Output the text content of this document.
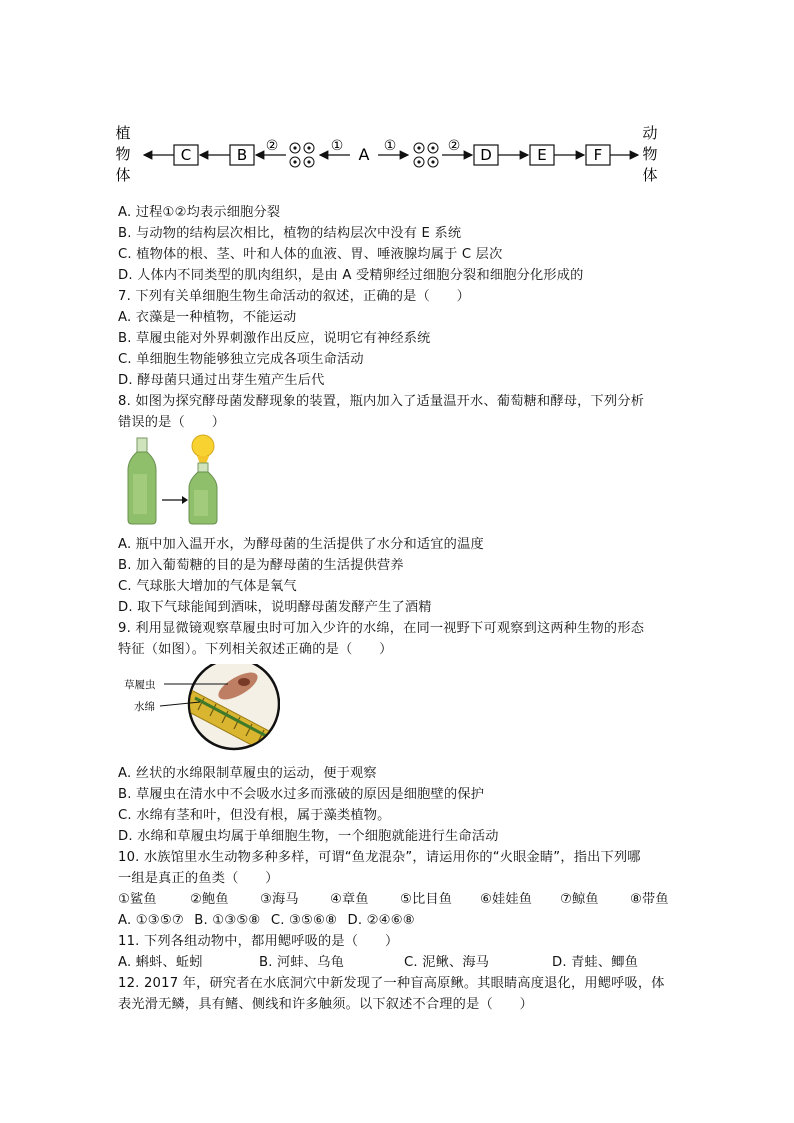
植
物
体
动
物
体
C	B ②	① A ①	② D	E	F
A. 过程①②均表示细胞分裂
B. 与动物的结构层次相比，植物的结构层次中没有 E 系统
C. 植物体的根、茎、叶和人体的血液、胃、唾液腺均属于 C 层次
D. 人体内不同类型的肌肉组织，是由 A 受精卵经过细胞分裂和细胞分化形成的
7. 下列有关单细胞生物生命活动的叙述，正确的是（　　）
A. 衣藻是一种植物，不能运动
B. 草履虫能对外界刺激作出反应，说明它有神经系统
C. 单细胞生物能够独立完成各项生命活动
D. 酵母菌只通过出芽生殖产生后代
8. 如图为探究酵母菌发酵现象的装置，瓶内加入了适量温开水、葡萄糖和酵母，下列分析
错误的是（　　）
A. 瓶中加入温开水，为酵母菌的生活提供了水分和适宜的温度
B. 加入葡萄糖的目的是为酵母菌的生活提供营养
C. 气球胀大增加的气体是氧气
D. 取下气球能闻到酒味，说明酵母菌发酵产生了酒精
9. 利用显微镜观察草履虫时可加入少许的水绵，在同一视野下可观察到这两种生物的形态
特征（如图）。下列相关叙述正确的是（　　）
草履虫
水绵
A. 丝状的水绵限制草履虫的运动，便于观察
B. 草履虫在清水中不会吸水过多而涨破的原因是细胞壁的保护
C. 水绵有茎和叶，但没有根，属于藻类植物。
D. 水绵和草履虫均属于单细胞生物，一个细胞就能进行生命活动
10. 水族馆里水生动物多种多样，可谓“鱼龙混杂”，请运用你的“火眼金睛”，指出下列哪
一组是真正的鱼类（　　）
①鲨鱼	②鲍鱼 ③海马 ④章鱼 ⑤比目鱼 ⑥娃娃鱼 ⑦鲸鱼 ⑧带鱼
A. ①③⑤⑦ B. ①③⑤⑧ C. ③⑤⑥⑧ D. ②④⑥⑧
11. 下列各组动物中，都用鳃呼吸的是（　　）
A. 蝌蚪、蚯蚓	B. 河蚌、乌龟	C. 泥鳅、海马	D. 青蛙、鲫鱼
12. 2017 年，研究者在水底洞穴中新发现了一种盲高原鳅。其眼睛高度退化，用鳃呼吸，体
表光滑无鳞，具有鳍、侧线和许多触须。以下叙述不合理的是（　　）
